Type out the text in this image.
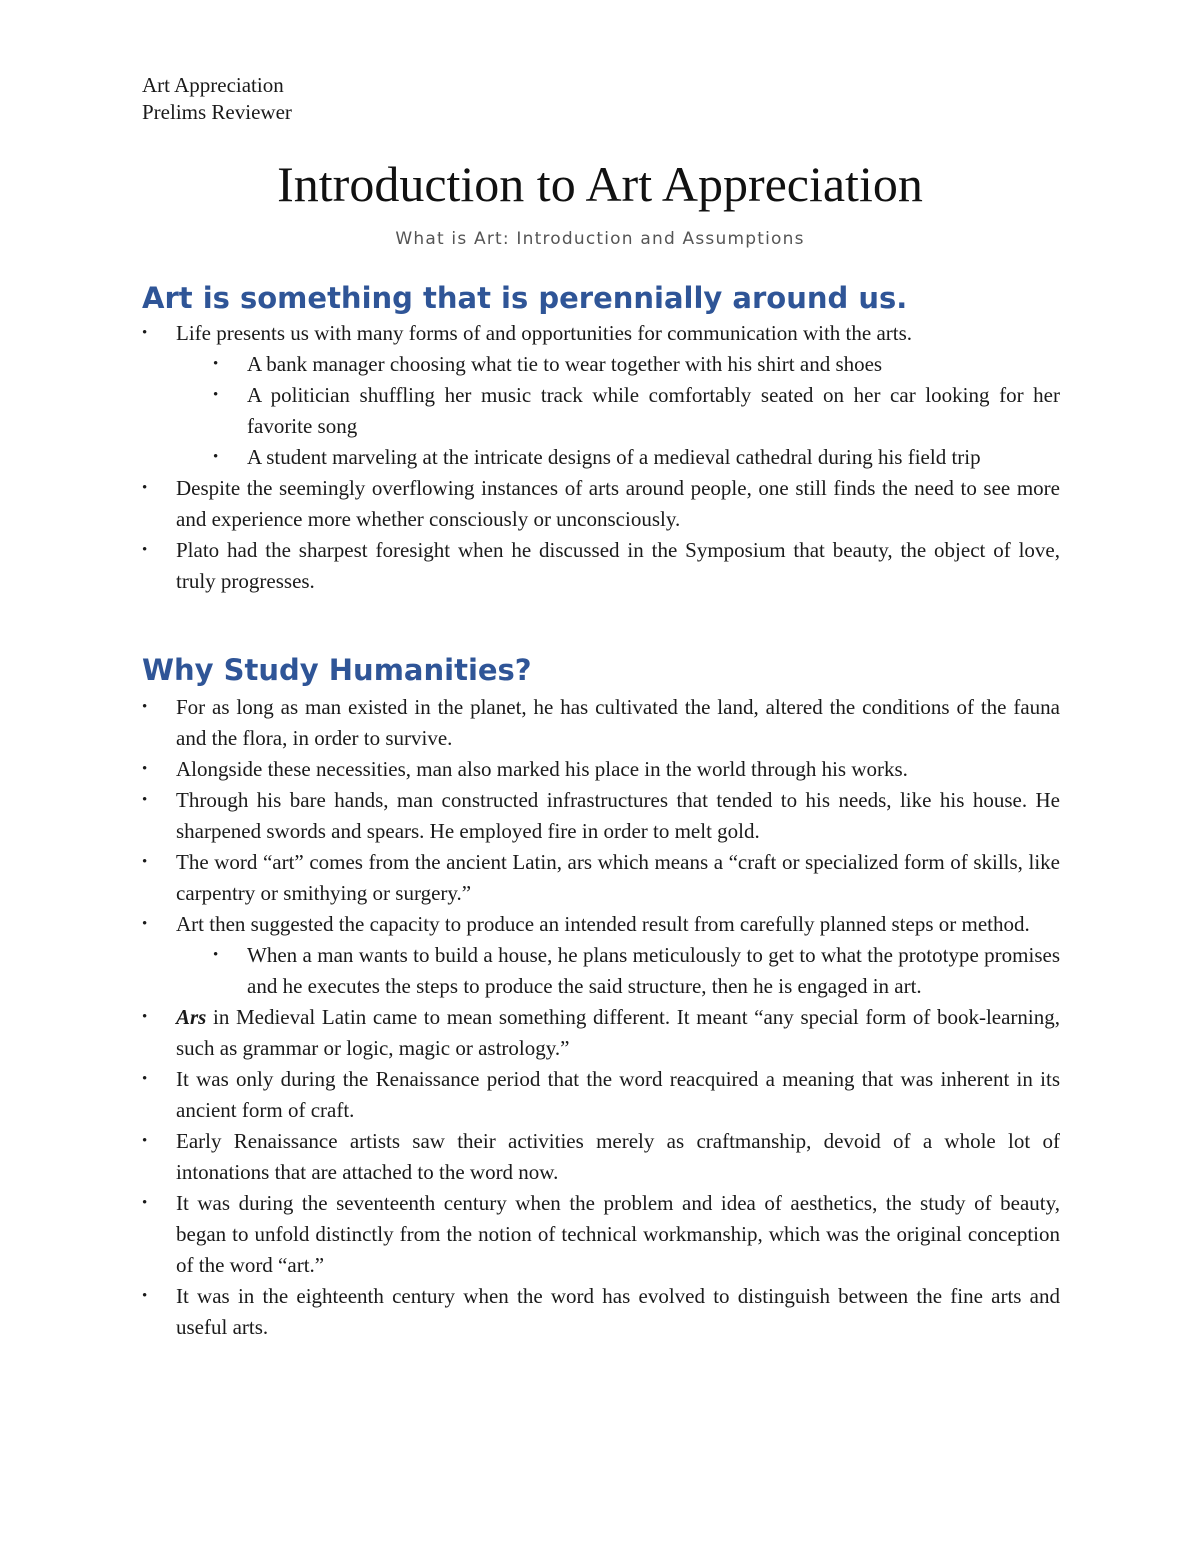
Art Appreciation
Prelims Reviewer
Introduction to Art Appreciation
What is Art: Introduction and Assumptions
Art is something that is perennially around us.
•	Life presents us with many forms of and opportunities for communication with the arts.
•	A bank manager choosing what tie to wear together with his shirt and shoes
•	A politician shuffling her music track while comfortably seated on her car looking for her favorite song
•	A student marveling at the intricate designs of a medieval cathedral during his field trip
•	Despite the seemingly overflowing instances of arts around people, one still finds the need to see more and experience more whether consciously or unconsciously.
•	Plato had the sharpest foresight when he discussed in the Symposium that beauty, the object of love, truly progresses.
Why Study Humanities?
•	For as long as man existed in the planet, he has cultivated the land, altered the conditions of the fauna and the flora, in order to survive.
•	Alongside these necessities, man also marked his place in the world through his works.
•	Through his bare hands, man constructed infrastructures that tended to his needs, like his house. He sharpened swords and spears. He employed fire in order to melt gold.
•	The word “art” comes from the ancient Latin, ars which means a “craft or specialized form of skills, like carpentry or smithying or surgery.”
•	Art then suggested the capacity to produce an intended result from carefully planned steps or method.
•	When a man wants to build a house, he plans meticulously to get to what the prototype promises and he executes the steps to produce the said structure, then he is engaged in art.
•	Ars in Medieval Latin came to mean something different. It meant “any special form of book-learning, such as grammar or logic, magic or astrology.”
•	It was only during the Renaissance period that the word reacquired a meaning that was inherent in its ancient form of craft.
•	Early Renaissance artists saw their activities merely as craftmanship, devoid of a whole lot of intonations that are attached to the word now.
•	It was during the seventeenth century when the problem and idea of aesthetics, the study of beauty, began to unfold distinctly from the notion of technical workmanship, which was the original conception of the word “art.”
•	It was in the eighteenth century when the word has evolved to distinguish between the fine arts and useful arts.
